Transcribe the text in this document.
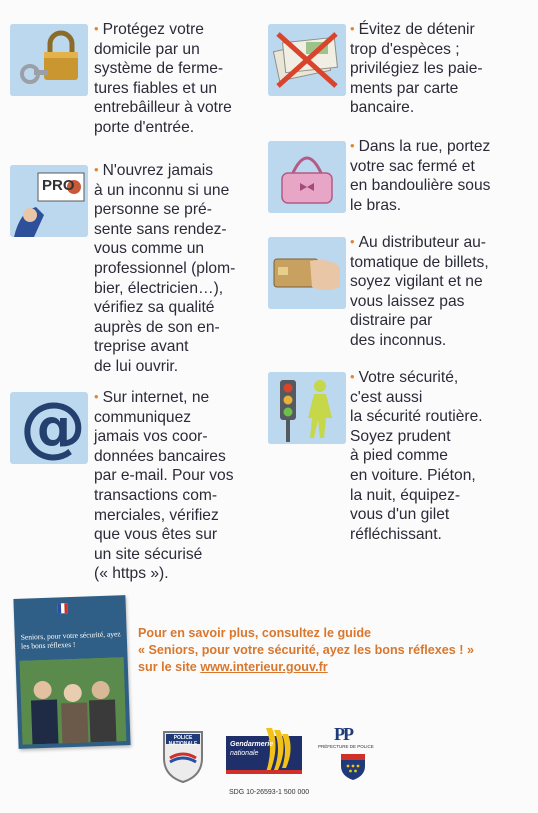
• Protégez votre
domicile par un
système de ferme-
tures fiables et un
entrebâilleur à votre
porte d'entrée.
PRO
• N'ouvrez jamais
à un inconnu si une
personne se pré-
sente sans rendez-
vous comme un
professionnel (plom-
bier, électricien…),
vérifiez sa qualité
auprès de son en-
treprise avant
de lui ouvrir.
@ • Sur internet, ne
communiquez
jamais vos coor-
données bancaires
par e-mail. Pour vos
transactions com-
merciales, vérifiez
que vous êtes sur
un site sécurisé
(« https »).
• Évitez de détenir
trop d'espèces ;
privilégiez les paie-
ments par carte
bancaire.
• Dans la rue, portez
votre sac fermé et
en bandoulière sous
le bras.
• Au distributeur au-
tomatique de billets,
soyez vigilant et ne
vous laissez pas
distraire par
des inconnus.
• Votre sécurité,
c'est aussi
la sécurité routière.
Soyez prudent
à pied comme
en voiture. Piéton,
la nuit, équipez-
vous d'un gilet
réfléchissant.
Seniors, pour votre sécurité, ayez les bons réflexes !
Pour en savoir plus, consultez le guide
« Seniors, pour votre sécurité, ayez les bons réflexes ! »
sur le site www.interieur.gouv.fr
POLICE NATIONALE	Gendarmerie
nationale
PP
PRÉFECTURE DE POLICE
SDG 10-26593-1 500 000
